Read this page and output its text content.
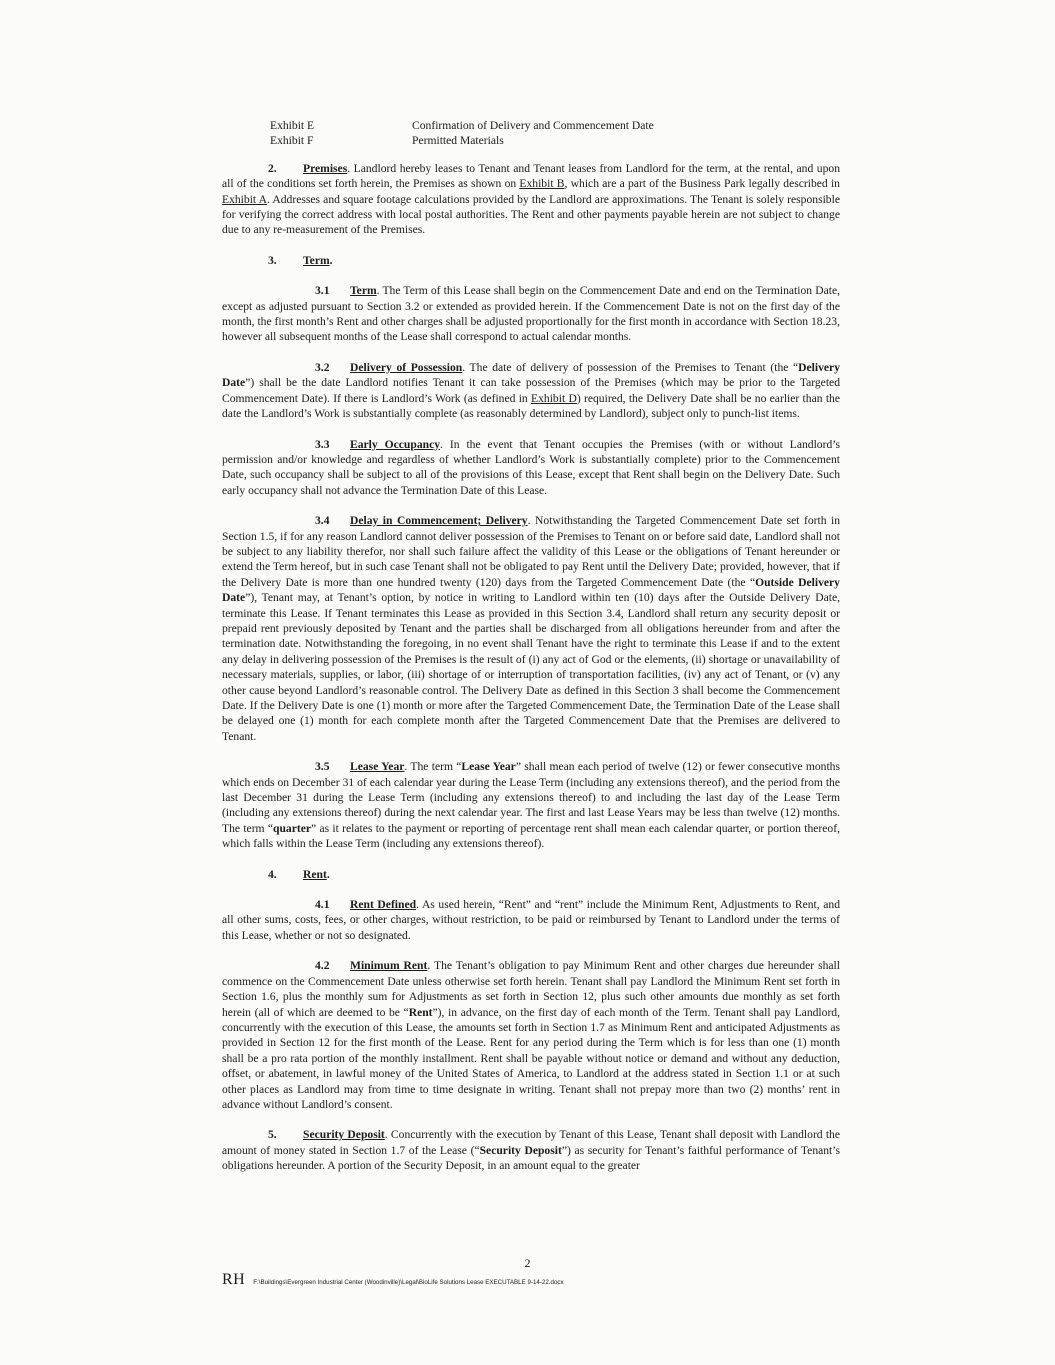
Exhibit E	Confirmation of Delivery and Commencement Date
Exhibit F	Permitted Materials

2. Premises. Landlord hereby leases to Tenant and Tenant leases from Landlord for the term, at the rental, and upon all of the conditions set forth herein, the Premises as shown on Exhibit B, which are a part of the Business Park legally described in Exhibit A. Addresses and square footage calculations provided by the Landlord are approximations. The Tenant is solely responsible for verifying the correct address with local postal authorities. The Rent and other payments payable herein are not subject to change due to any re-measurement of the Premises.

3. Term.

3.1 Term. The Term of this Lease shall begin on the Commencement Date and end on the Termination Date, except as adjusted pursuant to Section 3.2 or extended as provided herein. If the Commencement Date is not on the first day of the month, the first month’s Rent and other charges shall be adjusted proportionally for the first month in accordance with Section 18.23, however all subsequent months of the Lease shall correspond to actual calendar months.

3.2 Delivery of Possession. The date of delivery of possession of the Premises to Tenant (the “Delivery Date”) shall be the date Landlord notifies Tenant it can take possession of the Premises (which may be prior to the Targeted Commencement Date). If there is Landlord’s Work (as defined in Exhibit D) required, the Delivery Date shall be no earlier than the date the Landlord’s Work is substantially complete (as reasonably determined by Landlord), subject only to punch-list items.

3.3 Early Occupancy. In the event that Tenant occupies the Premises (with or without Landlord’s permission and/or knowledge and regardless of whether Landlord’s Work is substantially complete) prior to the Commencement Date, such occupancy shall be subject to all of the provisions of this Lease, except that Rent shall begin on the Delivery Date. Such early occupancy shall not advance the Termination Date of this Lease.

3.4 Delay in Commencement; Delivery. Notwithstanding the Targeted Commencement Date set forth in Section 1.5, if for any reason Landlord cannot deliver possession of the Premises to Tenant on or before said date, Landlord shall not be subject to any liability therefor, nor shall such failure affect the validity of this Lease or the obligations of Tenant hereunder or extend the Term hereof, but in such case Tenant shall not be obligated to pay Rent until the Delivery Date; provided, however, that if the Delivery Date is more than one hundred twenty (120) days from the Targeted Commencement Date (the “Outside Delivery Date”), Tenant may, at Tenant’s option, by notice in writing to Landlord within ten (10) days after the Outside Delivery Date, terminate this Lease. If Tenant terminates this Lease as provided in this Section 3.4, Landlord shall return any security deposit or prepaid rent previously deposited by Tenant and the parties shall be discharged from all obligations hereunder from and after the termination date. Notwithstanding the foregoing, in no event shall Tenant have the right to terminate this Lease if and to the extent any delay in delivering possession of the Premises is the result of (i) any act of God or the elements, (ii) shortage or unavailability of necessary materials, supplies, or labor, (iii) shortage of or interruption of transportation facilities, (iv) any act of Tenant, or (v) any other cause beyond Landlord’s reasonable control. The Delivery Date as defined in this Section 3 shall become the Commencement Date. If the Delivery Date is one (1) month or more after the Targeted Commencement Date, the Termination Date of the Lease shall be delayed one (1) month for each complete month after the Targeted Commencement Date that the Premises are delivered to Tenant.

3.5 Lease Year. The term “Lease Year” shall mean each period of twelve (12) or fewer consecutive months which ends on December 31 of each calendar year during the Lease Term (including any extensions thereof), and the period from the last December 31 during the Lease Term (including any extensions thereof) to and including the last day of the Lease Term (including any extensions thereof) during the next calendar year. The first and last Lease Years may be less than twelve (12) months. The term “quarter” as it relates to the payment or reporting of percentage rent shall mean each calendar quarter, or portion thereof, which falls within the Lease Term (including any extensions thereof).

4. Rent.

4.1 Rent Defined. As used herein, “Rent” and “rent” include the Minimum Rent, Adjustments to Rent, and all other sums, costs, fees, or other charges, without restriction, to be paid or reimbursed by Tenant to Landlord under the terms of this Lease, whether or not so designated.

4.2 Minimum Rent. The Tenant’s obligation to pay Minimum Rent and other charges due hereunder shall commence on the Commencement Date unless otherwise set forth herein. Tenant shall pay Landlord the Minimum Rent set forth in Section 1.6, plus the monthly sum for Adjustments as set forth in Section 12, plus such other amounts due monthly as set forth herein (all of which are deemed to be “Rent”), in advance, on the first day of each month of the Term. Tenant shall pay Landlord, concurrently with the execution of this Lease, the amounts set forth in Section 1.7 as Minimum Rent and anticipated Adjustments as provided in Section 12 for the first month of the Lease. Rent for any period during the Term which is for less than one (1) month shall be a pro rata portion of the monthly installment. Rent shall be payable without notice or demand and without any deduction, offset, or abatement, in lawful money of the United States of America, to Landlord at the address stated in Section 1.1 or at such other places as Landlord may from time to time designate in writing. Tenant shall not prepay more than two (2) months’ rent in advance without Landlord’s consent.

5. Security Deposit. Concurrently with the execution by Tenant of this Lease, Tenant shall deposit with Landlord the amount of money stated in Section 1.7 of the Lease (“Security Deposit”) as security for Tenant’s faithful performance of Tenant’s obligations hereunder. A portion of the Security Deposit, in an amount equal to the greater

2
RH F:\Buildings\Evergreen Industrial Center (Woodinville)\Legal\BioLife Solutions Lease EXECUTABLE 9-14-22.docx
